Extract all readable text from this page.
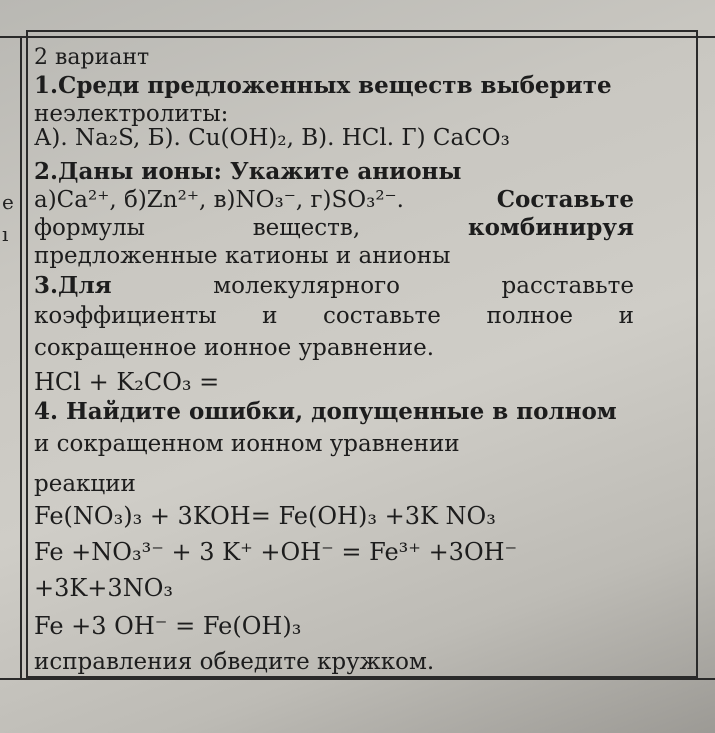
е
ı
2 вариант
1.Среди предложенных веществ выберите
неэлектролиты:
А). Na₂S, Б). Cu(OH)₂, В). HCl. Г) CaCO₃
2.Даны ионы: Укажите анионы
а)Ca²⁺, б)Zn²⁺, в)NO₃⁻, г)SO₃²⁻.	Составьте
формулы	веществ,	комбинируя
предложенные катионы и анионы
3.Для	молекулярного	расставьте
коэффициенты и составьте полное и
сокращенное ионное уравнение.
HCl + K₂CO₃ =
4. Найдите ошибки, допущенные в полном
и сокращенном ионном уравнении
реакции
Fe(NO₃)₃ + 3KOH= Fe(OH)₃ +3K NO₃
Fe +NO₃³⁻ + 3 K⁺ +OH⁻ = Fe³⁺ +3OH⁻
+3K+3NO₃
Fe +3 OH⁻ = Fe(OH)₃
исправления обведите кружком.
